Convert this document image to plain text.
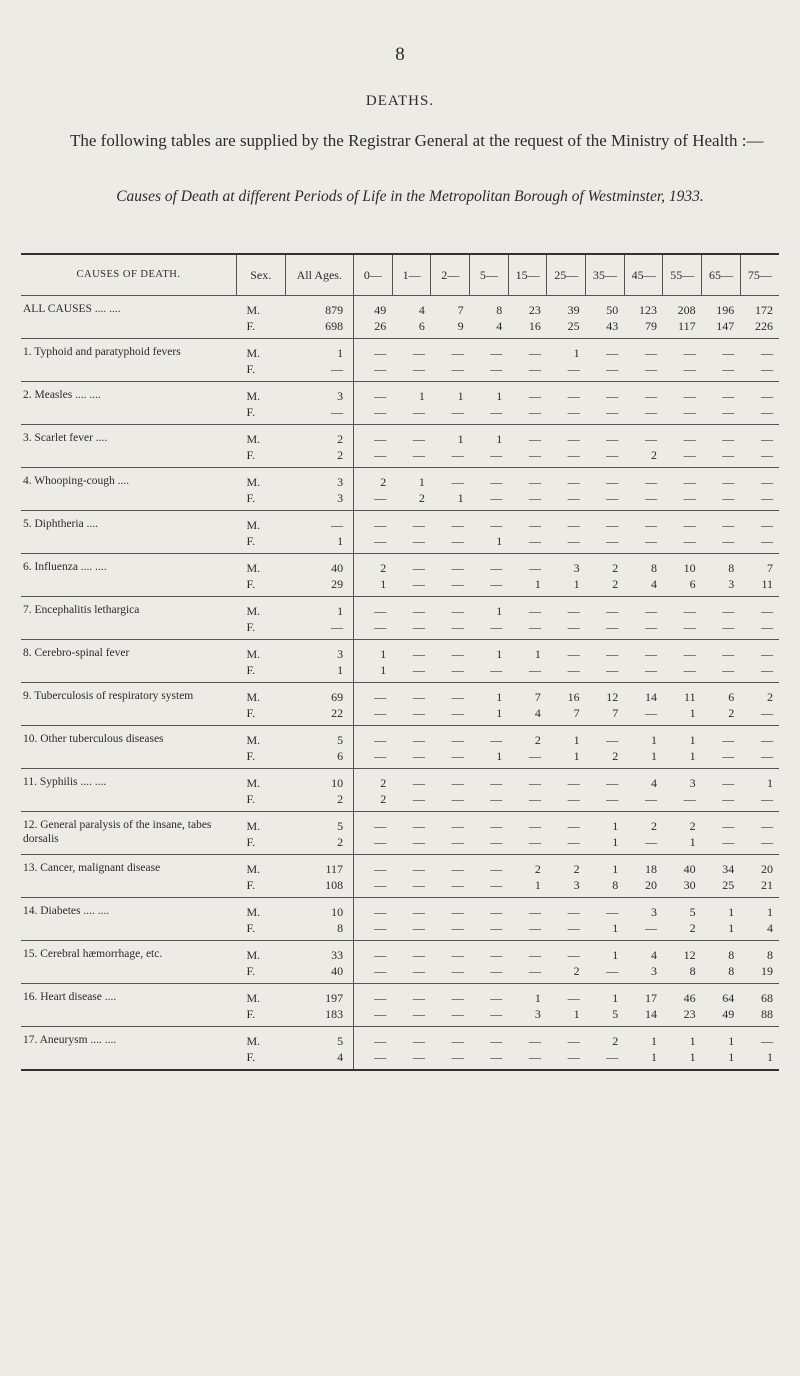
8
DEATHS.
The following tables are supplied by the Registrar General at the request of the Ministry of Health :—
Causes of Death at different Periods of Life in the Metropolitan Borough of Westminster, 1933.
CAUSES OF DEATH.	Sex.	All Ages.	0—	1—	2—	5—	15—	25—	35—	45—	55—	65—	75—
ALL CAUSES .... ....	M.	879	49	4	7	8	23	39	50	123	208	196	172
	F.	698	26	6	9	4	16	25	43	79	117	147	226
1. Typhoid and paratyphoid fevers	M.	1	—	—	—	—	—	1	—	—	—	—	—
	F.	—	—	—	—	—	—	—	—	—	—	—	—
2. Measles .... ....	M.	3	—	1	1	1	—	—	—	—	—	—	—
	F.	—	—	—	—	—	—	—	—	—	—	—	—
3. Scarlet fever ....	M.	2	—	—	1	1	—	—	—	—	—	—	—
	F.	2	—	—	—	—	—	—	—	2	—	—	—
4. Whooping-cough ....	M.	3	2	1	—	—	—	—	—	—	—	—	—
	F.	3	—	2	1	—	—	—	—	—	—	—	—
5. Diphtheria ....	M.	—	—	—	—	—	—	—	—	—	—	—	—
	F.	1	—	—	—	1	—	—	—	—	—	—	—
6. Influenza .... ....	M.	40	2	—	—	—	—	3	2	8	10	8	7
	F.	29	1	—	—	—	1	1	2	4	6	3	11
7. Encephalitis lethargica	M.	1	—	—	—	1	—	—	—	—	—	—	—
	F.	—	—	—	—	—	—	—	—	—	—	—	—
8. Cerebro-spinal fever	M.	3	1	—	—	1	1	—	—	—	—	—	—
	F.	1	1	—	—	—	—	—	—	—	—	—	—
9. Tuberculosis of respiratory system	M.	69	—	—	—	1	7	16	12	14	11	6	2
	F.	22	—	—	—	1	4	7	7	—	1	2	—
10. Other tuberculous diseases	M.	5	—	—	—	—	2	1	—	1	1	—	—
	F.	6	—	—	—	1	—	1	2	1	1	—	—
11. Syphilis .... ....	M.	10	2	—	—	—	—	—	—	4	3	—	1
	F.	2	2	—	—	—	—	—	—	—	—	—	—
12. General paralysis of the insane, tabes dorsalis	M.	5	—	—	—	—	—	—	1	2	2	—	—
	F.	2	—	—	—	—	—	—	1	—	1	—	—
13. Cancer, malignant disease	M.	117	—	—	—	—	2	2	1	18	40	34	20
	F.	108	—	—	—	—	1	3	8	20	30	25	21
14. Diabetes .... ....	M.	10	—	—	—	—	—	—	—	3	5	1	1
	F.	8	—	—	—	—	—	—	1	—	2	1	4
15. Cerebral hæmorrhage, etc.	M.	33	—	—	—	—	—	—	1	4	12	8	8
	F.	40	—	—	—	—	—	2	—	3	8	8	19
16. Heart disease ....	M.	197	—	—	—	—	1	—	1	17	46	64	68
	F.	183	—	—	—	—	3	1	5	14	23	49	88
17. Aneurysm .... ....	M.	5	—	—	—	—	—	—	2	1	1	1	—
	F.	4	—	—	—	—	—	—	—	1	1	1	1
